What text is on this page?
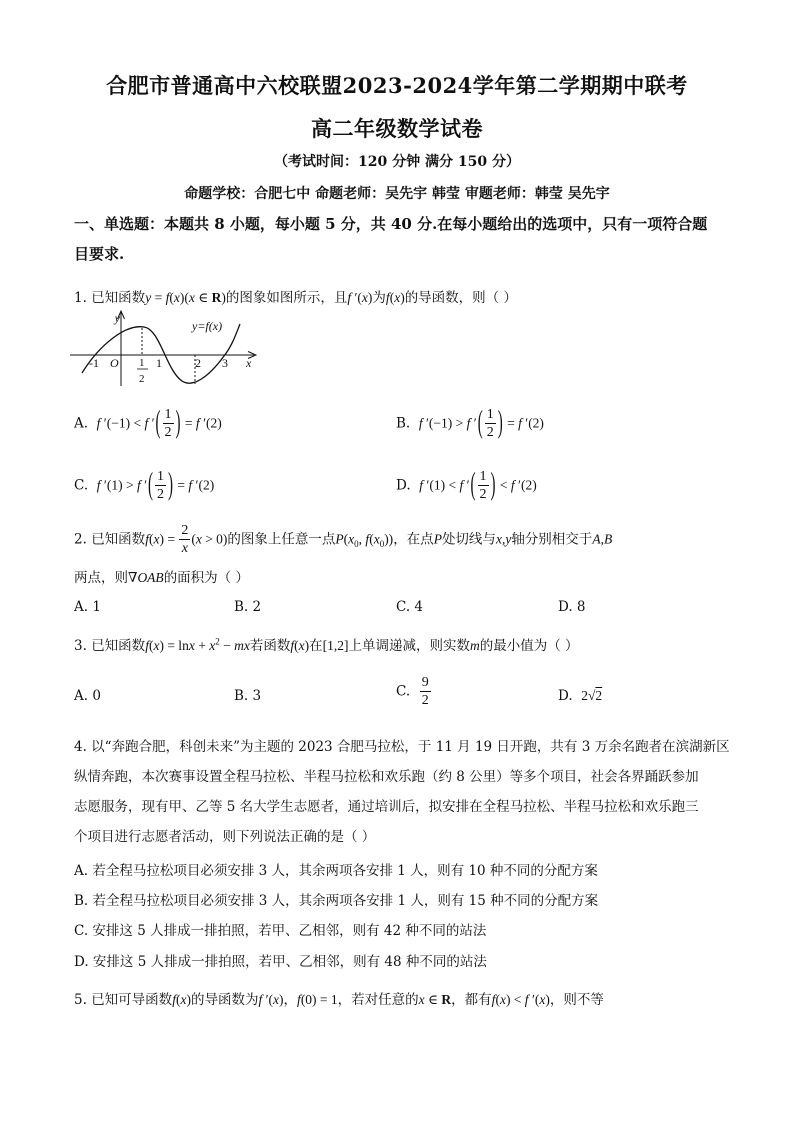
合肥市普通高中六校联盟2023-2024学年第二学期期中联考
高二年级数学试卷
（考试时间：120 分钟 满分 150 分）
命题学校：合肥七中 命题老师：吴先宇 韩莹 审题老师：韩莹 吴先宇
一、单选题：本题共 8 小题，每小题 5 分，共 40 分.在每小题给出的选项中，只有一项符合题
目要求.
1. 已知函数y = f(x)(x ∈ R)的图象如图所示，且f ′(x)为f(x)的导函数，则（ ）
y
x
y=f(x)
O
-1	1	2 3
1
2
A. f ′(−1) < f ′( $\frac{1}{2}$ ) = f ′(2)	B. f ′(−1) > f ′( $\frac{1}{2}$ ) = f ′(2)
C. f ′(1) > f ′( $\frac{1}{2}$ ) = f ′(2)	D. f ′(1) < f ′( $\frac{1}{2}$ ) < f ′(2)
2. 已知函数$f(x) = \frac{2}{x} (x > 0)$的图象上任意一点$P(x_0$, $f(x_0)$)，在点P处切线与x,y轴分别相交于A,B
两点，则∇OAB的面积为（ ）
A. 1	B. 2	C. 4	D. 8
3. 已知函数$f(x) = \ln x + x^2$ − mx若函数f(x)在[1,2]上单调递减，则实数m的最小值为（ ）
A. 0	B. 3	C. $\frac{9}{2}$	D. 2√2
4. 以“奔跑合肥，科创未来”为主题的 2023 合肥马拉松，于 11 月 19 日开跑，共有 3 万余名跑者在滨湖新区
纵情奔跑，本次赛事设置全程马拉松、半程马拉松和欢乐跑（约 8 公里）等多个项目，社会各界踊跃参加
志愿服务，现有甲、乙等 5 名大学生志愿者，通过培训后，拟安排在全程马拉松、半程马拉松和欢乐跑三
个项目进行志愿者活动，则下列说法正确的是（ ）
A. 若全程马拉松项目必须安排 3 人，其余两项各安排 1 人，则有 10 种不同的分配方案
B. 若全程马拉松项目必须安排 3 人，其余两项各安排 1 人，则有 15 种不同的分配方案
C. 安排这 5 人排成一排拍照，若甲、乙相邻，则有 42 种不同的站法
D. 安排这 5 人排成一排拍照，若甲、乙相邻，则有 48 种不同的站法
5. 已知可导函数f(x)的导函数为f ′(x)，f(0) = 1，若对任意的x ∈ R，都有f(x) < f ′(x)，则不等
